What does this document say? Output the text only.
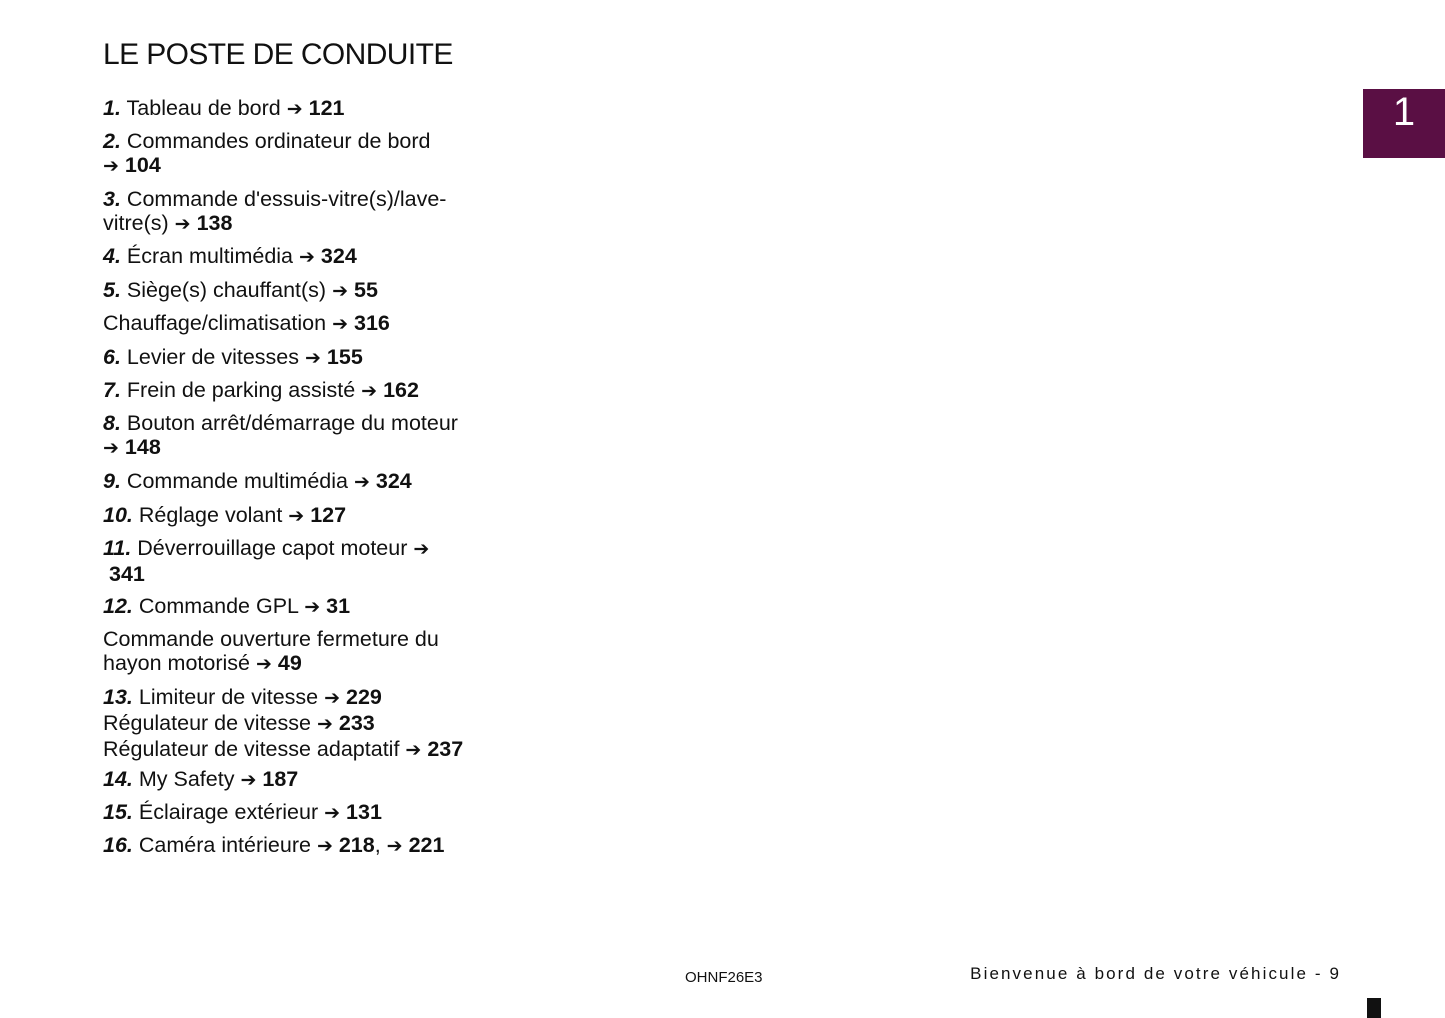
LE POSTE DE CONDUITE
1
1. Tableau de bord ➔ 121
2. Commandes ordinateur de bord
➔ 104
3. Commande d'essuis-vitre(s)/lave-
vitre(s) ➔ 138
4. Écran multimédia ➔ 324
5. Siège(s) chauffant(s) ➔ 55
Chauffage/climatisation ➔ 316
6. Levier de vitesses ➔ 155
7. Frein de parking assisté ➔ 162
8. Bouton arrêt/démarrage du moteur
➔ 148
9. Commande multimédia ➔ 324
10. Réglage volant ➔ 127
11. Déverrouillage capot moteur ➔
341
12. Commande GPL ➔ 31
Commande ouverture fermeture du
hayon motorisé ➔ 49
13. Limiteur de vitesse ➔ 229
Régulateur de vitesse ➔ 233
Régulateur de vitesse adaptatif ➔ 237
14. My Safety ➔ 187
15. Éclairage extérieur ➔ 131
16. Caméra intérieure ➔ 218, ➔ 221
OHNF26E3	Bienvenue à bord de votre véhicule - 9
